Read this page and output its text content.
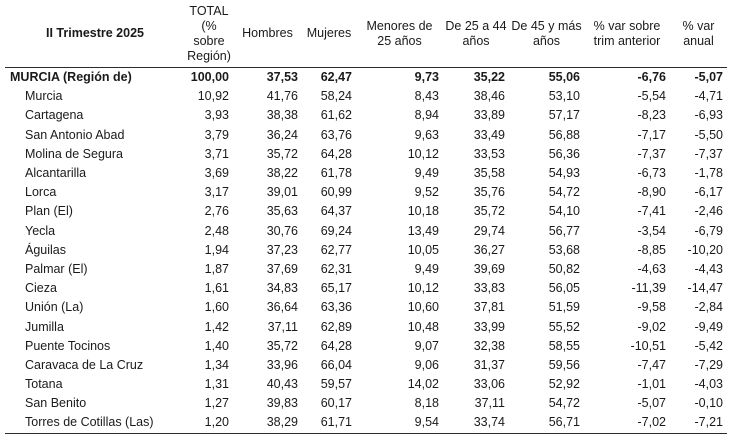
II Trimestre 2025	TOTAL (% sobre Región)	Hombres	Mujeres	Menores de 25 años	De 25 a 44 años	De 45 y más años	% var sobre trim anterior	% var anual
MURCIA (Región de)	100,00	37,53	62,47	9,73	35,22	55,06	-6,76	-5,07
Murcia	10,92	41,76	58,24	8,43	38,46	53,10	-5,54	-4,71
Cartagena	3,93	38,38	61,62	8,94	33,89	57,17	-8,23	-6,93
San Antonio Abad	3,79	36,24	63,76	9,63	33,49	56,88	-7,17	-5,50
Molina de Segura	3,71	35,72	64,28	10,12	33,53	56,36	-7,37	-7,37
Alcantarilla	3,69	38,22	61,78	9,49	35,58	54,93	-6,73	-1,78
Lorca	3,17	39,01	60,99	9,52	35,76	54,72	-8,90	-6,17
Plan (El)	2,76	35,63	64,37	10,18	35,72	54,10	-7,41	-2,46
Yecla	2,48	30,76	69,24	13,49	29,74	56,77	-3,54	-6,79
Águilas	1,94	37,23	62,77	10,05	36,27	53,68	-8,85	-10,20
Palmar (El)	1,87	37,69	62,31	9,49	39,69	50,82	-4,63	-4,43
Cieza	1,61	34,83	65,17	10,12	33,83	56,05	-11,39	-14,47
Unión (La)	1,60	36,64	63,36	10,60	37,81	51,59	-9,58	-2,84
Jumilla	1,42	37,11	62,89	10,48	33,99	55,52	-9,02	-9,49
Puente Tocinos	1,40	35,72	64,28	9,07	32,38	58,55	-10,51	-5,42
Caravaca de La Cruz	1,34	33,96	66,04	9,06	31,37	59,56	-7,47	-7,29
Totana	1,31	40,43	59,57	14,02	33,06	52,92	-1,01	-4,03
San Benito	1,27	39,83	60,17	8,18	37,11	54,72	-5,07	-0,10
Torres de Cotillas (Las)	1,20	38,29	61,71	9,54	33,74	56,71	-7,02	-7,21
